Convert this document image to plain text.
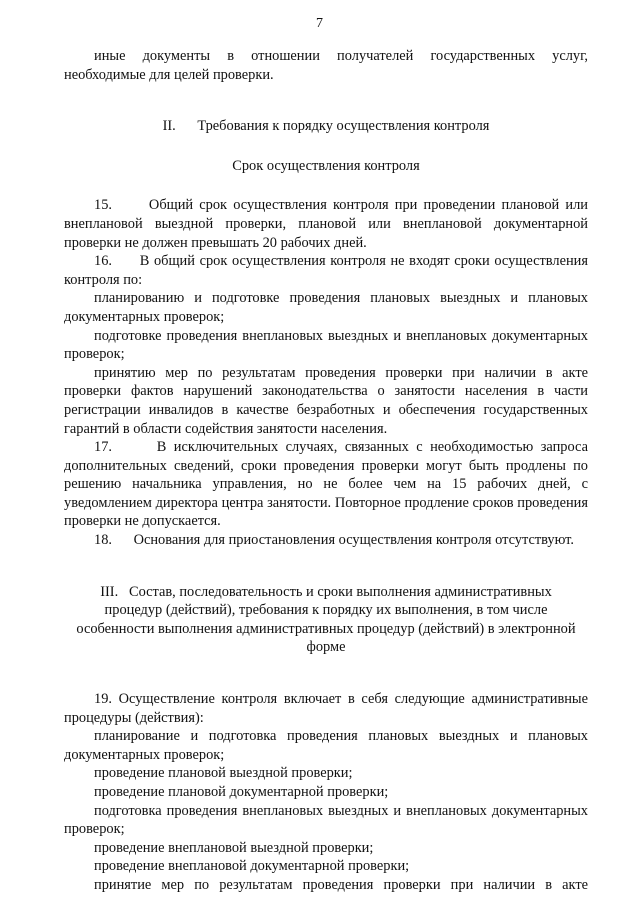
7

иные документы в отношении получателей государственных услуг, необходимые для целей проверки.

II.      Требования к порядку осуществления контроля

Срок осуществления контроля

15.      Общий срок осуществления контроля при проведении плановой или внеплановой выездной проверки, плановой или внеплановой документарной проверки не должен превышать 20 рабочих дней.

16.      В общий срок осуществления контроля не входят сроки осуществления контроля по:

планированию и подготовке проведения плановых выездных и плановых документарных проверок;

подготовке проведения внеплановых выездных и внеплановых документарных проверок;

принятию мер по результатам проведения проверки при наличии в акте проверки фактов нарушений законодательства о занятости населения в части регистрации инвалидов в качестве безработных и обеспечения государственных гарантий в области содействия занятости населения.

17.      В исключительных случаях, связанных с необходимостью запроса дополнительных сведений, сроки проведения проверки могут быть продлены по решению начальника управления, но не более чем на 15 рабочих дней, с уведомлением директора центра занятости. Повторное продление сроков проведения проверки не допускается.

18.      Основания для приостановления осуществления контроля отсутствуют.

III.   Состав, последовательность и сроки выполнения административных

процедур (действий), требования к порядку их выполнения, в том числе

особенности выполнения административных процедур (действий) в электронной

форме

19. Осуществление контроля включает в себя следующие административные процедуры (действия):

планирование и подготовка проведения плановых выездных и плановых документарных проверок;

проведение плановой выездной проверки;

проведение плановой документарной проверки;

подготовка проведения внеплановых выездных и внеплановых документарных проверок;

проведение внеплановой выездной проверки;

проведение внеплановой документарной проверки;

принятие мер по результатам проведения проверки при наличии в акте
